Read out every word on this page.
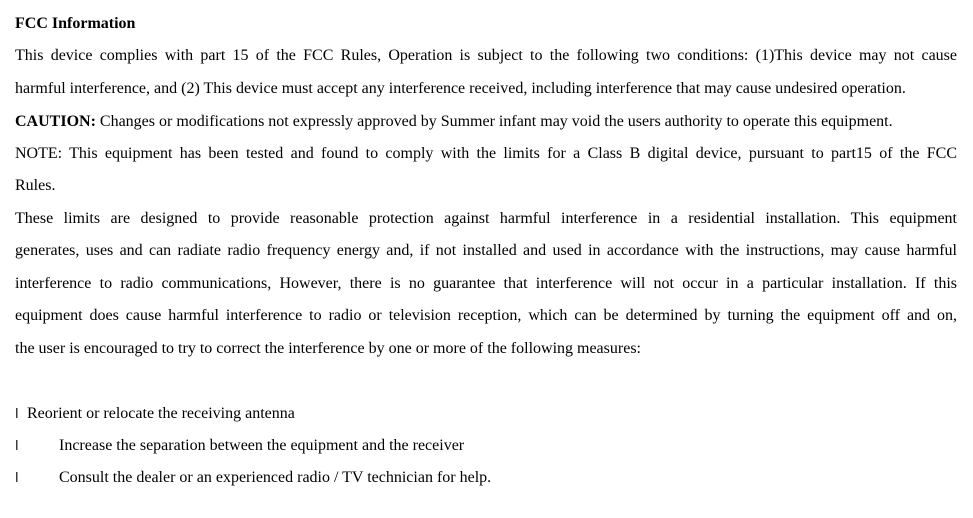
FCC Information
This device complies with part 15 of the FCC Rules, Operation is subject to the following two conditions: (1)This device may not cause
harmful interference, and (2) This device must accept any interference received, including interference that may cause undesired operation.
CAUTION: Changes or modifications not expressly approved by Summer infant may void the users authority to operate this equipment.
NOTE: This equipment has been tested and found to comply with the limits for a Class B digital device, pursuant to part15 of the FCC
Rules.
These limits are designed to provide reasonable protection against harmful interference in a residential installation. This equipment
generates, uses and can radiate radio frequency energy and, if not installed and used in accordance with the instructions, may cause harmful
interference to radio communications, However, there is no guarantee that interference will not occur in a particular installation. If this
equipment does cause harmful interference to radio or television reception, which can be determined by turning the equipment off and on,
the user is encouraged to try to correct the interference by one or more of the following measures:
l Reorient or relocate the receiving antenna
l	Increase the separation between the equipment and the receiver
l	Consult the dealer or an experienced radio / TV technician for help.
